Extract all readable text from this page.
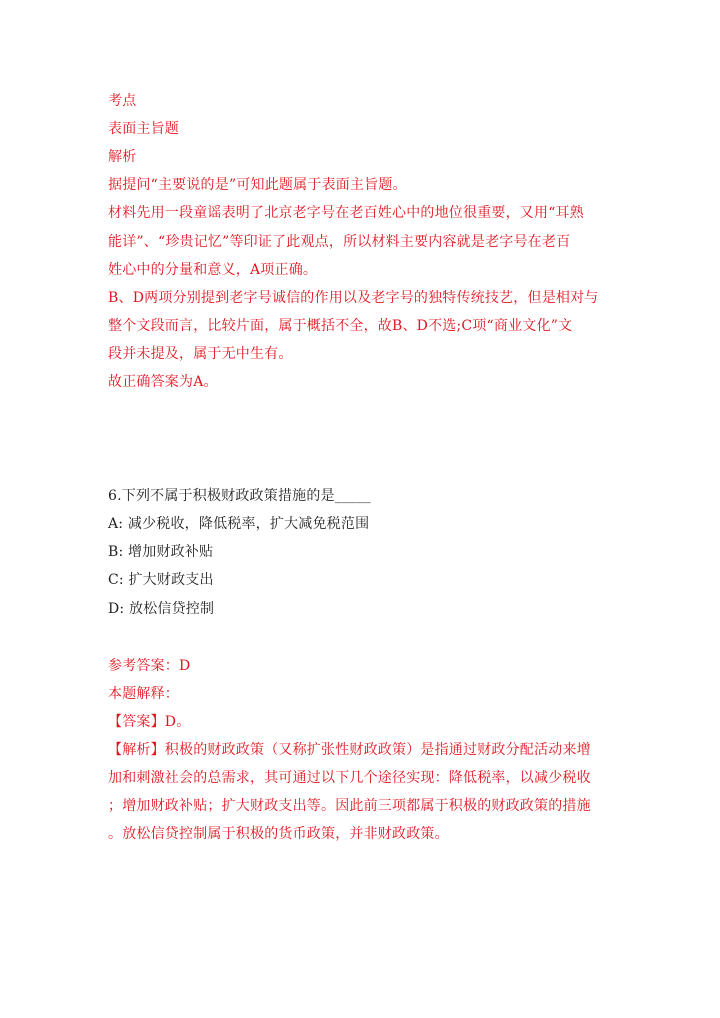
考点
表面主旨题
解析
据提问“主要说的是”可知此题属于表面主旨题。
材料先用一段童谣表明了北京老字号在老百姓心中的地位很重要，又用“耳熟
能详”、“珍贵记忆”等印证了此观点，所以材料主要内容就是老字号在老百
姓心中的分量和意义，A项正确。
B、D两项分别提到老字号诚信的作用以及老字号的独特传统技艺，但是相对与
整个文段而言，比较片面，属于概括不全，故B、D不选;C项“商业文化”文
段并未提及，属于无中生有。
故正确答案为A。
6.下列不属于积极财政政策措施的是_____
A: 减少税收，降低税率，扩大减免税范围
B: 增加财政补贴
C: 扩大财政支出
D: 放松信贷控制
参考答案：D
本题解释：
【答案】D。
【解析】积极的财政政策（又称扩张性财政政策）是指通过财政分配活动来增
加和刺激社会的总需求，其可通过以下几个途径实现：降低税率，以减少税收
；增加财政补贴；扩大财政支出等。因此前三项都属于积极的财政政策的措施
。放松信贷控制属于积极的货币政策，并非财政政策。
